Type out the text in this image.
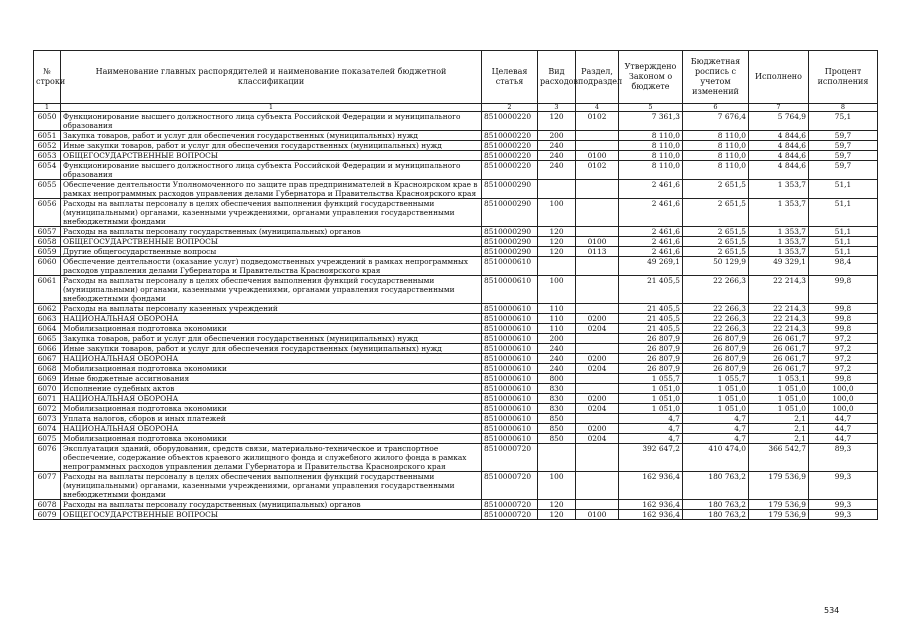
№ строки	Наименование главных распорядителей и наименование показателей бюджетной классификации	Целевая статья	Вид расходов	Раздел, подраздел	Утверждено Законом о бюджете	Бюджетная роспись с учетом изменений	Исполнено	Процент исполнения
1	1	2	3	4	5	6	7	8
6050	Функционирование высшего должностного лица субъекта Российской Федерации и муниципального образования	8510000220	120	0102	7 361,3	7 676,4	5 764,9	75,1
6051	Закупка товаров, работ и услуг для обеспечения государственных (муниципальных) нужд	8510000220	200		8 110,0	8 110,0	4 844,6	59,7
6052	Иные закупки товаров, работ и услуг для обеспечения государственных (муниципальных) нужд	8510000220	240		8 110,0	8 110,0	4 844,6	59,7
6053	ОБЩЕГОСУДАРСТВЕННЫЕ ВОПРОСЫ	8510000220	240	0100	8 110,0	8 110,0	4 844,6	59,7
6054	Функционирование высшего должностного лица субъекта Российской Федерации и муниципального образования	8510000220	240	0102	8 110,0	8 110,0	4 844,6	59,7
6055	Обеспечение деятельности Уполномоченного по защите прав предпринимателей в Красноярском крае в рамках непрограммных расходов управления делами Губернатора и Правительства Красноярского края	8510000290			2 461,6	2 651,5	1 353,7	51,1
6056	Расходы на выплаты персоналу в целях обеспечения выполнения функций государственными (муниципальными) органами, казенными учреждениями, органами управления государственными внебюджетными фондами	8510000290	100		2 461,6	2 651,5	1 353,7	51,1
6057	Расходы на выплаты персоналу государственных (муниципальных) органов	8510000290	120		2 461,6	2 651,5	1 353,7	51,1
6058	ОБЩЕГОСУДАРСТВЕННЫЕ ВОПРОСЫ	8510000290	120	0100	2 461,6	2 651,5	1 353,7	51,1
6059	Другие общегосударственные вопросы	8510000290	120	0113	2 461,6	2 651,5	1 353,7	51,1
6060	Обеспечение деятельности (оказание услуг) подведомственных учреждений в рамках непрограммных расходов управления делами Губернатора и Правительства Красноярского края	8510000610			49 269,1	50 129,9	49 329,1	98,4
6061	Расходы на выплаты персоналу в целях обеспечения выполнения функций государственными (муниципальными) органами, казенными учреждениями, органами управления государственными внебюджетными фондами	8510000610	100		21 405,5	22 266,3	22 214,3	99,8
6062	Расходы на выплаты персоналу казенных учреждений	8510000610	110		21 405,5	22 266,3	22 214,3	99,8
6063	НАЦИОНАЛЬНАЯ ОБОРОНА	8510000610	110	0200	21 405,5	22 266,3	22 214,3	99,8
6064	Мобилизационная подготовка экономики	8510000610	110	0204	21 405,5	22 266,3	22 214,3	99,8
6065	Закупка товаров, работ и услуг для обеспечения государственных (муниципальных) нужд	8510000610	200		26 807,9	26 807,9	26 061,7	97,2
6066	Иные закупки товаров, работ и услуг для обеспечения государственных (муниципальных) нужд	8510000610	240		26 807,9	26 807,9	26 061,7	97,2
6067	НАЦИОНАЛЬНАЯ ОБОРОНА	8510000610	240	0200	26 807,9	26 807,9	26 061,7	97,2
6068	Мобилизационная подготовка экономики	8510000610	240	0204	26 807,9	26 807,9	26 061,7	97,2
6069	Иные бюджетные ассигнования	8510000610	800		1 055,7	1 055,7	1 053,1	99,8
6070	Исполнение судебных актов	8510000610	830		1 051,0	1 051,0	1 051,0	100,0
6071	НАЦИОНАЛЬНАЯ ОБОРОНА	8510000610	830	0200	1 051,0	1 051,0	1 051,0	100,0
6072	Мобилизационная подготовка экономики	8510000610	830	0204	1 051,0	1 051,0	1 051,0	100,0
6073	Уплата налогов, сборов и иных платежей	8510000610	850		4,7	4,7	2,1	44,7
6074	НАЦИОНАЛЬНАЯ ОБОРОНА	8510000610	850	0200	4,7	4,7	2,1	44,7
6075	Мобилизационная подготовка экономики	8510000610	850	0204	4,7	4,7	2,1	44,7
6076	Эксплуатация зданий, оборудования, средств связи, материально-техническое и транспортное обеспечение, содержание объектов краевого жилищного фонда и служебного жилого фонда в рамках непрограммных расходов управления делами Губернатора и Правительства Красноярского края	8510000720			392 647,2	410 474,0	366 542,7	89,3
6077	Расходы на выплаты персоналу в целях обеспечения выполнения функций государственными (муниципальными) органами, казенными учреждениями, органами управления государственными внебюджетными фондами	8510000720	100		162 936,4	180 763,2	179 536,9	99,3
6078	Расходы на выплаты персоналу государственных (муниципальных) органов	8510000720	120		162 936,4	180 763,2	179 536,9	99,3
6079	ОБЩЕГОСУДАРСТВЕННЫЕ ВОПРОСЫ	8510000720	120	0100	162 936,4	180 763,2	179 536,9	99,3
534
